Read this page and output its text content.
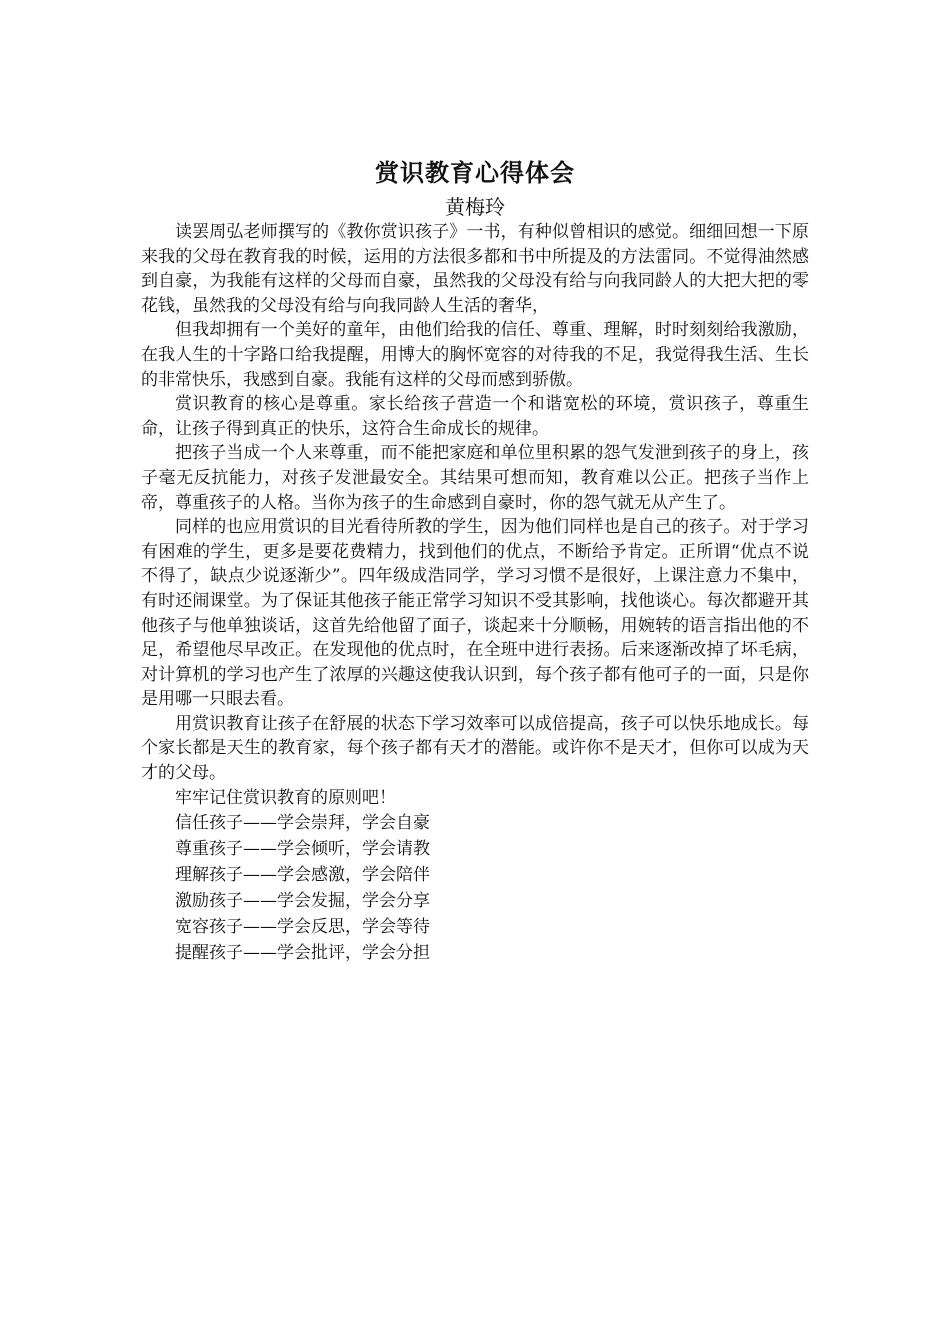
赏识教育心得体会

黄梅玲

读罢周弘老师撰写的《教你赏识孩子》一书，有种似曾相识的感觉。细细回想一下原来我的父母在教育我的时候，运用的方法很多都和书中所提及的方法雷同。不觉得油然感到自豪，为我能有这样的父母而自豪，虽然我的父母没有给与向我同龄人的大把大把的零花钱，虽然我的父母没有给与向我同龄人生活的奢华，

但我却拥有一个美好的童年，由他们给我的信任、尊重、理解，时时刻刻给我激励，在我人生的十字路口给我提醒，用博大的胸怀宽容的对待我的不足，我觉得我生活、生长的非常快乐，我感到自豪。我能有这样的父母而感到骄傲。

赏识教育的核心是尊重。家长给孩子营造一个和谐宽松的环境，赏识孩子，尊重生命，让孩子得到真正的快乐，这符合生命成长的规律。

把孩子当成一个人来尊重，而不能把家庭和单位里积累的怨气发泄到孩子的身上，孩子毫无反抗能力，对孩子发泄最安全。其结果可想而知，教育难以公正。把孩子当作上帝，尊重孩子的人格。当你为孩子的生命感到自豪时，你的怨气就无从产生了。

同样的也应用赏识的目光看待所教的学生，因为他们同样也是自己的孩子。对于学习有困难的学生，更多是要花费精力，找到他们的优点，不断给予肯定。正所谓“优点不说不得了，缺点少说逐渐少”。四年级成浩同学，学习习惯不是很好，上课注意力不集中，有时还闹课堂。为了保证其他孩子能正常学习知识不受其影响，找他谈心。每次都避开其他孩子与他单独谈话，这首先给他留了面子，谈起来十分顺畅，用婉转的语言指出他的不足，希望他尽早改正。在发现他的优点时，在全班中进行表扬。后来逐渐改掉了坏毛病，对计算机的学习也产生了浓厚的兴趣这使我认识到，每个孩子都有他可子的一面，只是你是用哪一只眼去看。

用赏识教育让孩子在舒展的状态下学习效率可以成倍提高，孩子可以快乐地成长。每个家长都是天生的教育家，每个孩子都有天才的潜能。或许你不是天才，但你可以成为天才的父母。

牢牢记住赏识教育的原则吧！

信任孩子——学会崇拜，学会自豪

尊重孩子——学会倾听，学会请教

理解孩子——学会感激，学会陪伴

激励孩子——学会发掘，学会分享

宽容孩子——学会反思，学会等待

提醒孩子——学会批评，学会分担
